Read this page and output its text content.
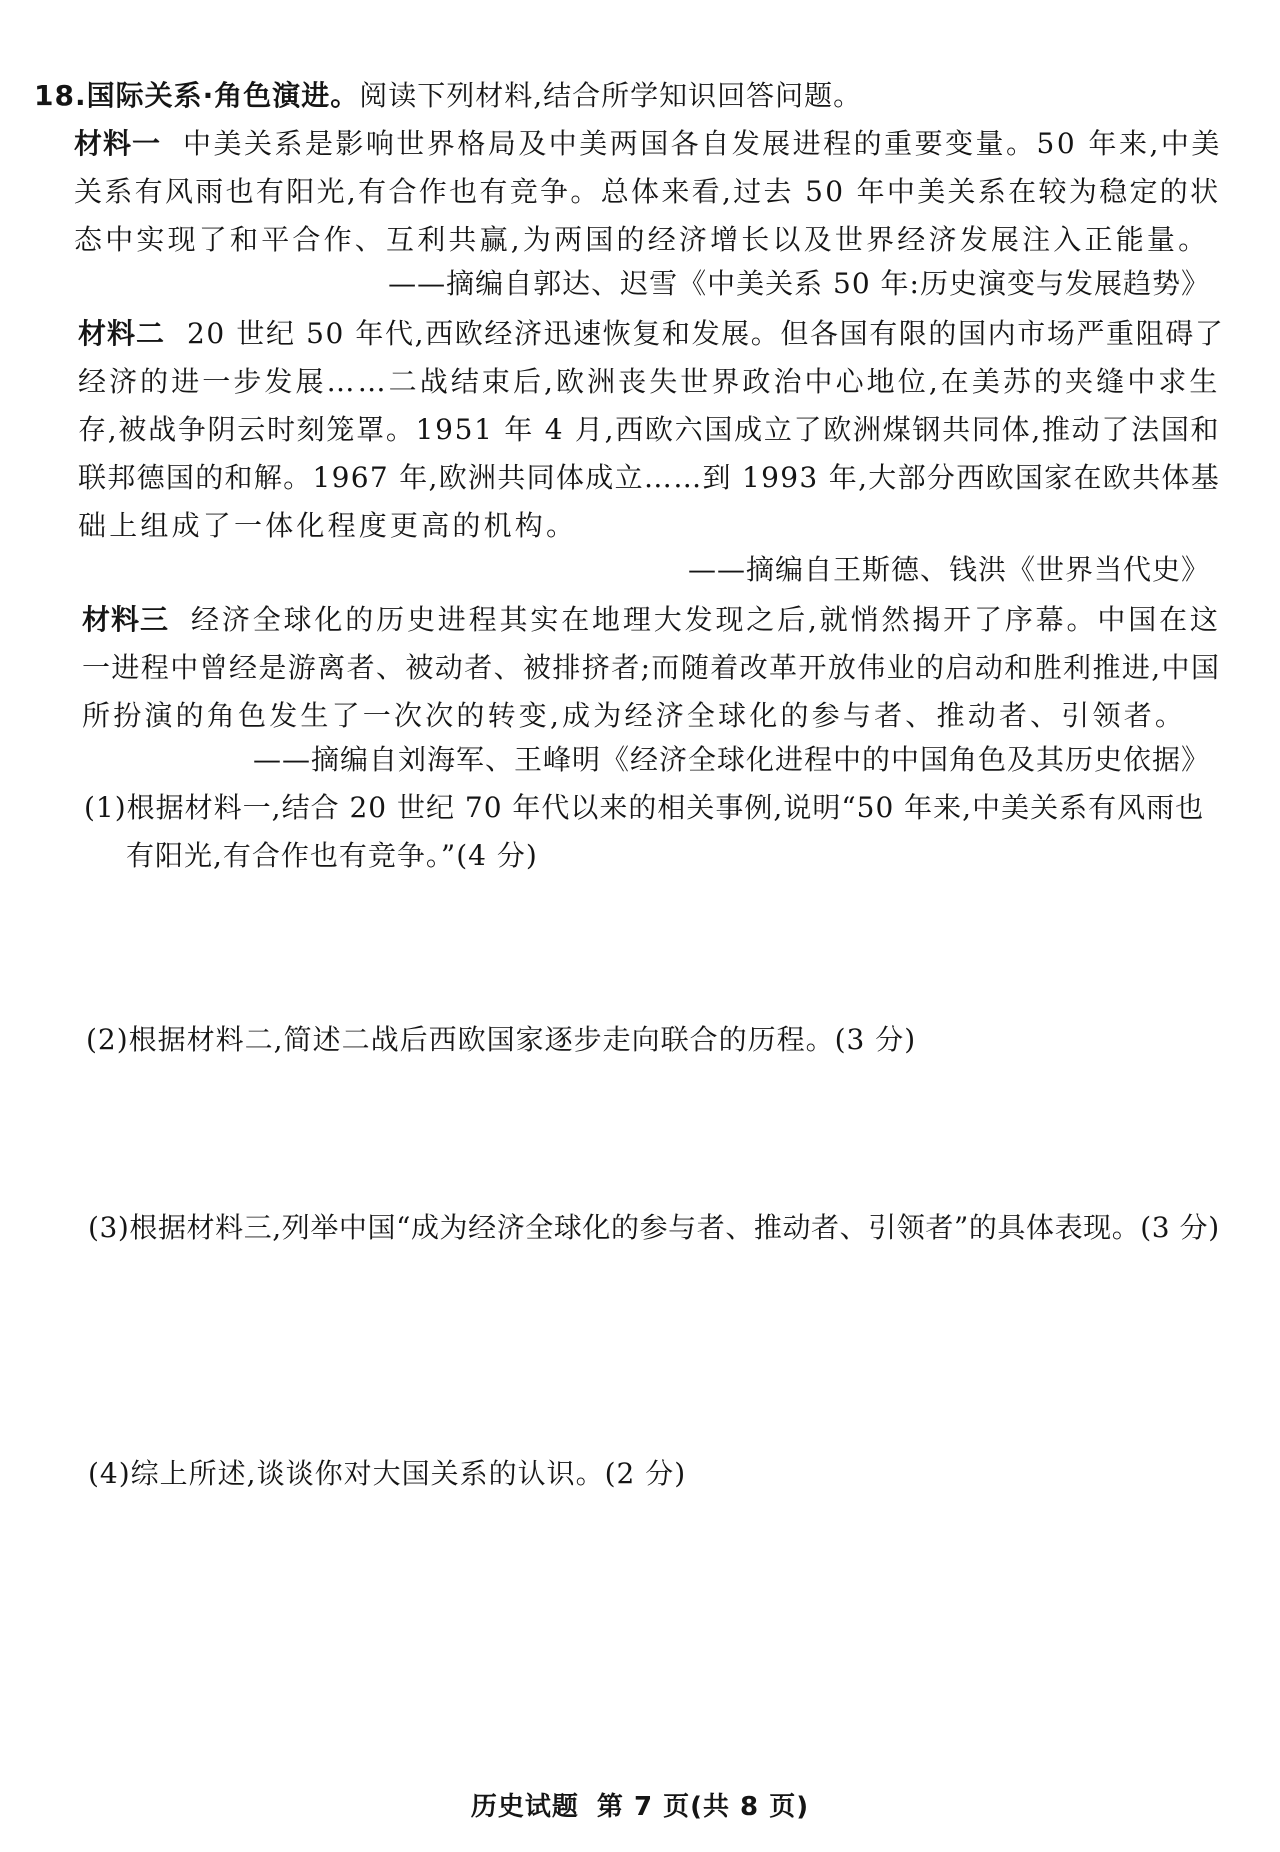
18.国际关系·角色演进。阅读下列材料,结合所学知识回答问题。
材料一 中美关系是影响世界格局及中美两国各自发展进程的重要变量。50 年来,中美
关系有风雨也有阳光,有合作也有竞争。总体来看,过去 50 年中美关系在较为稳定的状
态中实现了和平合作、互利共赢,为两国的经济增长以及世界经济发展注入正能量。
——摘编自郭达、迟雪《中美关系 50 年:历史演变与发展趋势》
材料二 20 世纪 50 年代,西欧经济迅速恢复和发展。但各国有限的国内市场严重阻碍了
经济的进一步发展……二战结束后,欧洲丧失世界政治中心地位,在美苏的夹缝中求生
存,被战争阴云时刻笼罩。1951 年 4 月,西欧六国成立了欧洲煤钢共同体,推动了法国和
联邦德国的和解。1967 年,欧洲共同体成立……到 1993 年,大部分西欧国家在欧共体基
础上组成了一体化程度更高的机构。
——摘编自王斯德、钱洪《世界当代史》
材料三 经济全球化的历史进程其实在地理大发现之后,就悄然揭开了序幕。中国在这
一进程中曾经是游离者、被动者、被排挤者;而随着改革开放伟业的启动和胜利推进,中国
所扮演的角色发生了一次次的转变,成为经济全球化的参与者、推动者、引领者。
——摘编自刘海军、王峰明《经济全球化进程中的中国角色及其历史依据》
(1)根据材料一,结合 20 世纪 70 年代以来的相关事例,说明“50 年来,中美关系有风雨也
有阳光,有合作也有竞争。”(4 分)
(2)根据材料二,简述二战后西欧国家逐步走向联合的历程。(3 分)
(3)根据材料三,列举中国“成为经济全球化的参与者、推动者、引领者”的具体表现。(3 分)
(4)综上所述,谈谈你对大国关系的认识。(2 分)
历史试题 第 7 页(共 8 页)
